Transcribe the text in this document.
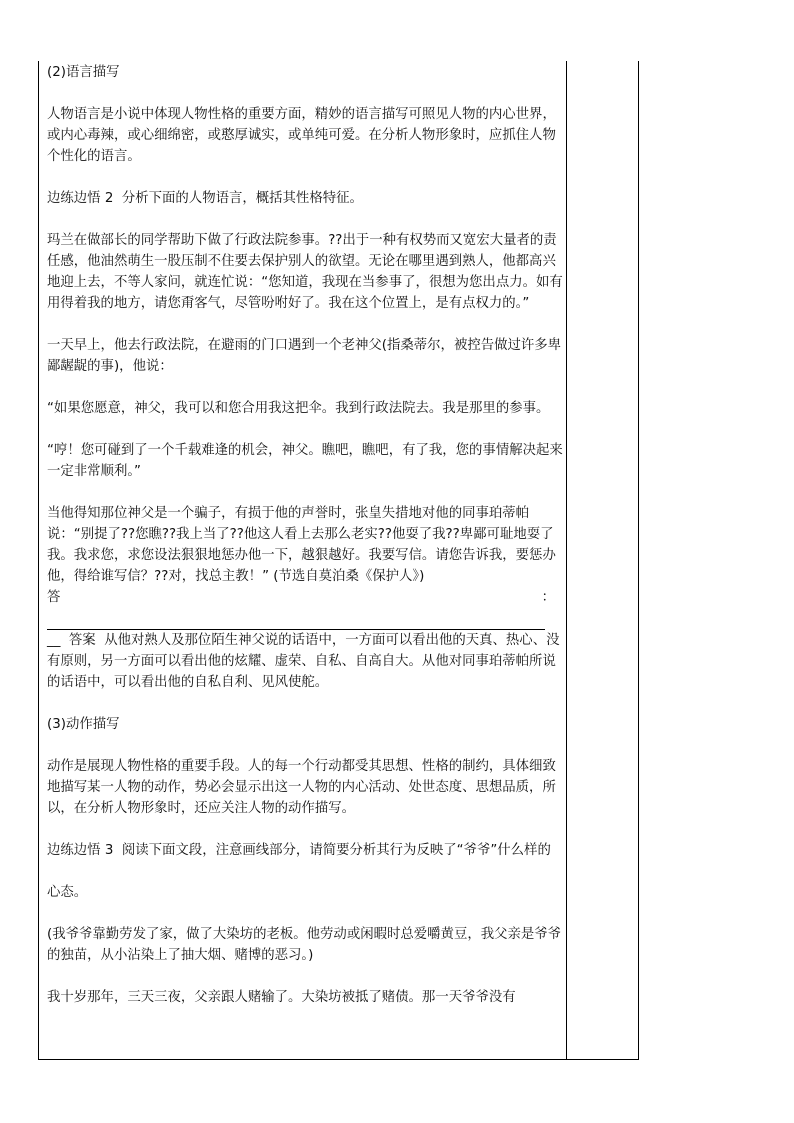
(2)语言描写

人物语言是小说中体现人物性格的重要方面，精妙的语言描写可照见人物的内心世界，或内心毒辣，或心细绵密，或憨厚诚实，或单纯可爱。在分析人物形象时，应抓住人物个性化的语言。

边练边悟 2 分析下面的人物语言，概括其性格特征。

玛兰在做部长的同学帮助下做了行政法院参事。??出于一种有权势而又宽宏大量者的责任感，他油然萌生一股压制不住要去保护别人的欲望。无论在哪里遇到熟人，他都高兴地迎上去，不等人家问，就连忙说：“您知道，我现在当参事了，很想为您出点力。如有用得着我的地方，请您甭客气，尽管吩咐好了。我在这个位置上，是有点权力的。”

一天早上，他去行政法院，在避雨的门口遇到一个老神父(指桑蒂尔，被控告做过许多卑鄙龌龊的事)，他说：

“如果您愿意，神父，我可以和您合用我这把伞。我到行政法院去。我是那里的参事。

“哼！您可碰到了一个千载难逢的机会，神父。瞧吧，瞧吧，有了我，您的事情解决起来一定非常顺利。”

当他得知那位神父是一个骗子，有损于他的声誉时，张皇失措地对他的同事珀蒂帕说：“别提了??您瞧??我上当了??他这人看上去那么老实??他耍了我??卑鄙可耻地耍了我。我求您，求您设法狠狠地惩办他一下，越狠越好。我要写信。请您告诉我，要惩办他，得给谁写信？??对，找总主教！” (节选自莫泊桑《保护人》)

答	：

__ 答案 从他对熟人及那位陌生神父说的话语中，一方面可以看出他的天真、热心、没有原则，另一方面可以看出他的炫耀、虚荣、自私、自高自大。从他对同事珀蒂帕所说的话语中，可以看出他的自私自利、见风使舵。

(3)动作描写

动作是展现人物性格的重要手段。人的每一个行动都受其思想、性格的制约，具体细致地描写某一人物的动作，势必会显示出这一人物的内心活动、处世态度、思想品质，所以，在分析人物形象时，还应关注人物的动作描写。

边练边悟 3 阅读下面文段，注意画线部分，请简要分析其行为反映了“爷爷”什么样的

心态。

(我爷爷靠勤劳发了家，做了大染坊的老板。他劳动或闲暇时总爱嚼黄豆，我父亲是爷爷的独苗，从小沾染上了抽大烟、赌博的恶习。)

我十岁那年，三天三夜，父亲跟人赌输了。大染坊被抵了赌债。那一天爷爷没有
